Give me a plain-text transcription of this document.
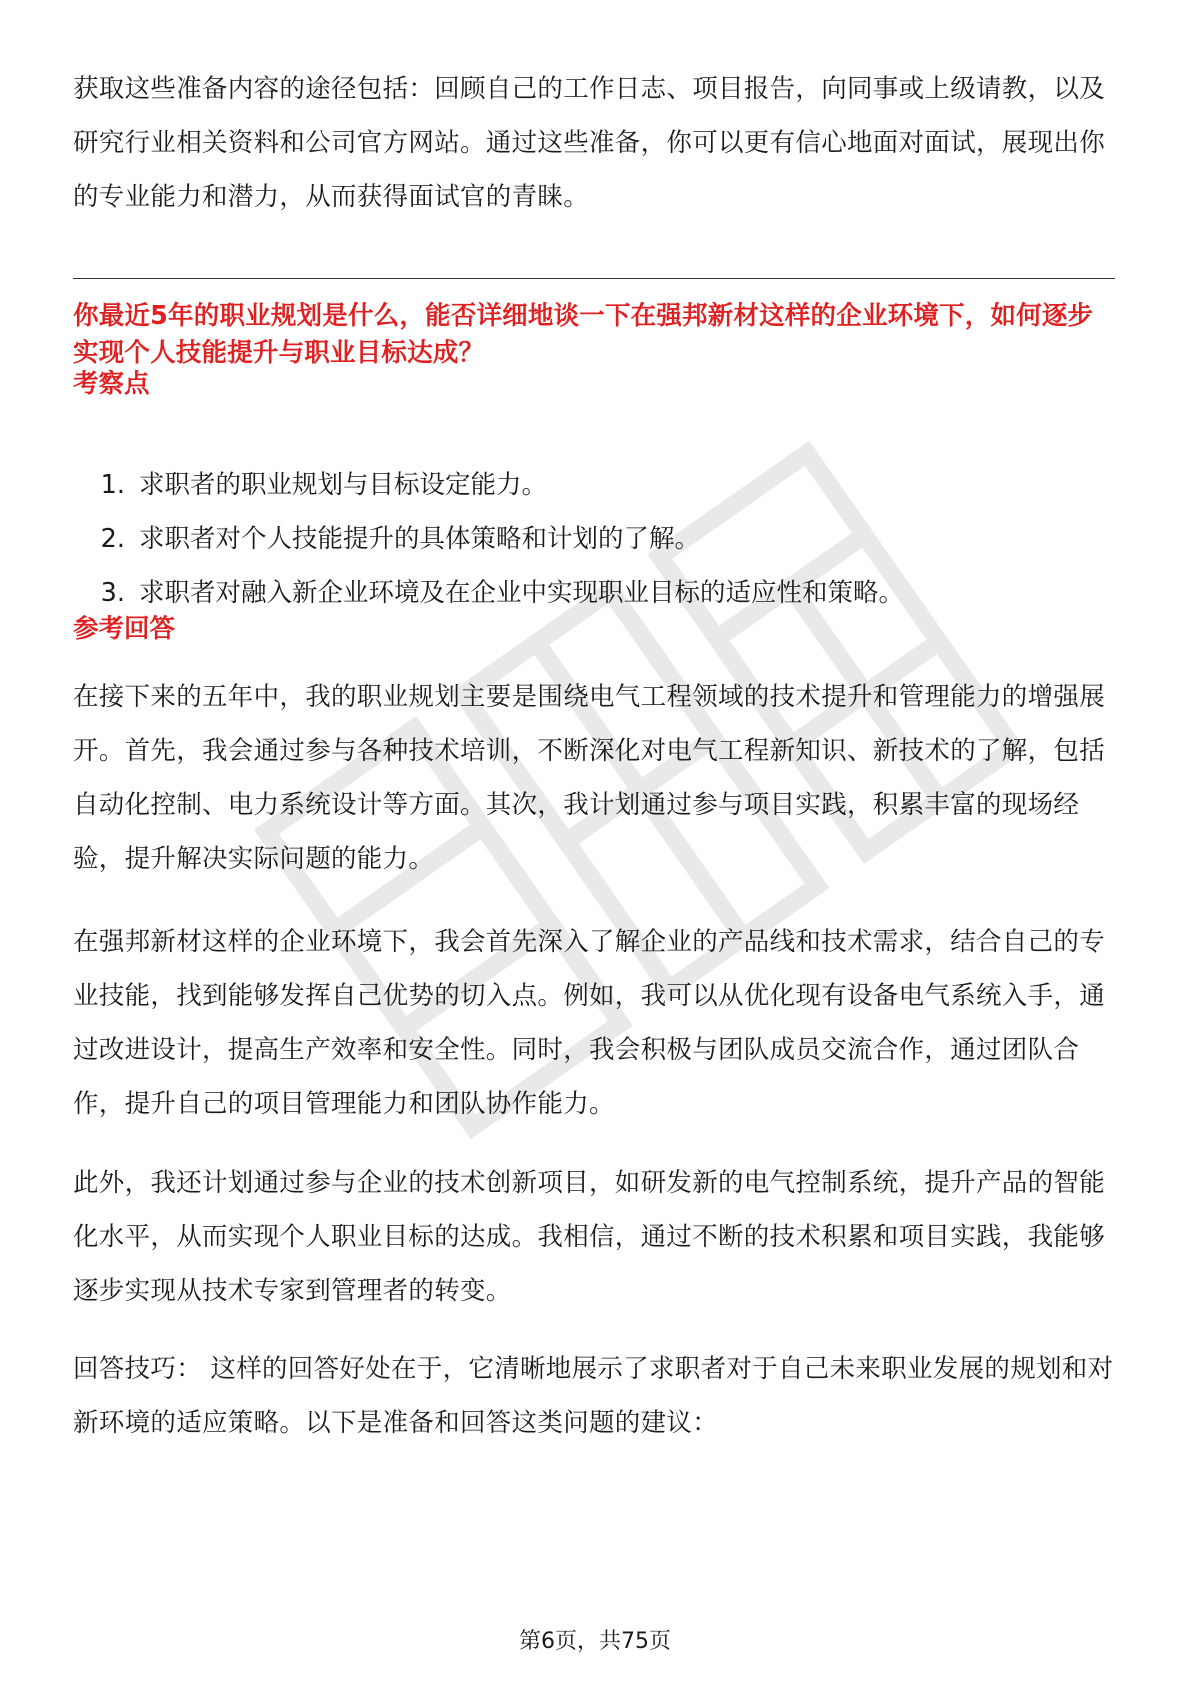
获取这些准备内容的途径包括：回顾自己的工作日志、项目报告，向同事或上级请教，以及研究行业相关资料和公司官方网站。通过这些准备，你可以更有信心地面对面试，展现出你的专业能力和潜力，从而获得面试官的青睐。

你最近5年的职业规划是什么，能否详细地谈一下在强邦新材这样的企业环境下，如何逐步实现个人技能提升与职业目标达成？
考察点
1. 求职者的职业规划与目标设定能力。
2. 求职者对个人技能提升的具体策略和计划的了解。
3. 求职者对融入新企业环境及在企业中实现职业目标的适应性和策略。
参考回答

在接下来的五年中，我的职业规划主要是围绕电气工程领域的技术提升和管理能力的增强展开。首先，我会通过参与各种技术培训，不断深化对电气工程新知识、新技术的了解，包括自动化控制、电力系统设计等方面。其次，我计划通过参与项目实践，积累丰富的现场经验，提升解决实际问题的能力。

在强邦新材这样的企业环境下，我会首先深入了解企业的产品线和技术需求，结合自己的专业技能，找到能够发挥自己优势的切入点。例如，我可以从优化现有设备电气系统入手，通过改进设计，提高生产效率和安全性。同时，我会积极与团队成员交流合作，通过团队合作，提升自己的项目管理能力和团队协作能力。

此外，我还计划通过参与企业的技术创新项目，如研发新的电气控制系统，提升产品的智能化水平，从而实现个人职业目标的达成。我相信，通过不断的技术积累和项目实践，我能够逐步实现从技术专家到管理者的转变。

回答技巧： 这样的回答好处在于，它清晰地展示了求职者对于自己未来职业发展的规划和对新环境的适应策略。以下是准备和回答这类问题的建议：

第6页，共75页
